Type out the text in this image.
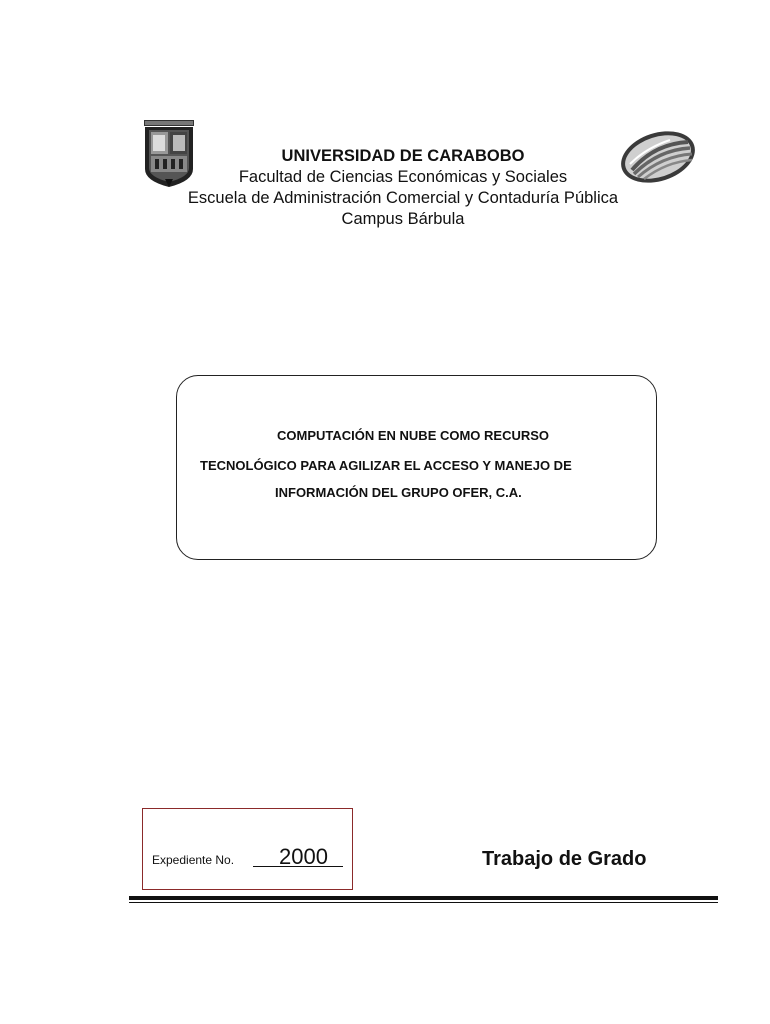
UNIVERSIDAD DE CARABOBO
Facultad de Ciencias Económicas y Sociales
Escuela de Administración Comercial y Contaduría Pública
Campus Bárbula
COMPUTACIÓN EN NUBE COMO RECURSO
TECNOLÓGICO PARA AGILIZAR EL ACCESO Y MANEJO DE
INFORMACIÓN DEL GRUPO OFER, C.A.
Expediente No. 2000	Trabajo de Grado
